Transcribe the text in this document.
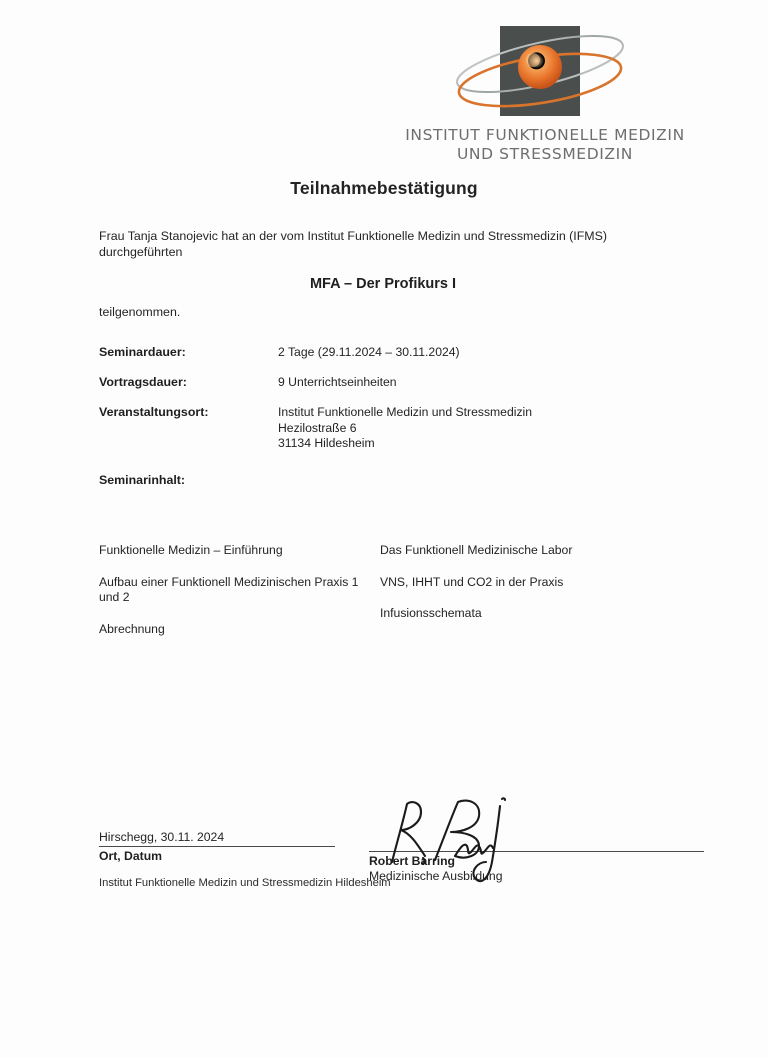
INSTITUT FUNKTIONELLE MEDIZIN
UND STRESSMEDIZIN
Teilnahmebestätigung
Frau Tanja Stanojevic hat an der vom Institut Funktionelle Medizin und Stressmedizin (IFMS) durchgeführten
MFA – Der Profikurs I
teilgenommen.
Seminardauer:	2 Tage (29.11.2024 – 30.11.2024)
Vortragsdauer:	9 Unterrichtseinheiten
Veranstaltungsort:	Institut Funktionelle Medizin und Stressmedizin
Hezilostraße 6
31134 Hildesheim
Seminarinhalt:
Funktionelle Medizin – Einführung
Aufbau einer Funktionell Medizinischen Praxis 1 und 2
Abrechnung
Das Funktionell Medizinische Labor
VNS, IHHT und CO2 in der Praxis
Infusionsschemata
Hirschegg, 30.11. 2024
Ort, Datum
Institut Funktionelle Medizin und Stressmedizin Hildesheim
Robert Barring
Medizinische Ausbildung
